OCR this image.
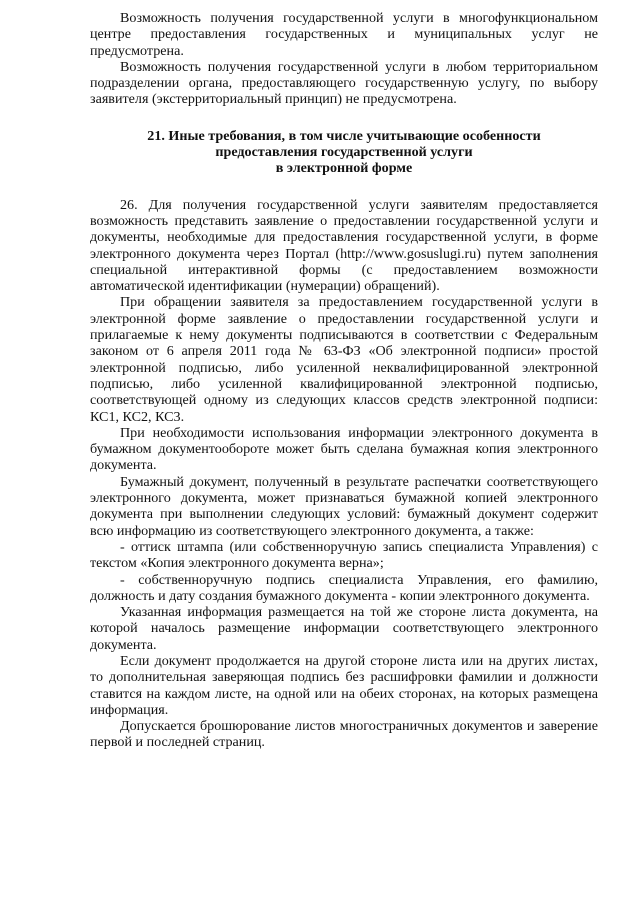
Возможность получения государственной услуги в многофункциональном центре предоставления государственных и муниципальных услуг не предусмотрена.

Возможность получения государственной услуги в любом территориальном подразделении органа, предоставляющего государственную услугу, по выбору заявителя (экстерриториальный принцип) не предусмотрена.

21. Иные требования, в том числе учитывающие особенности
предоставления государственной услуги
в электронной форме

26. Для получения государственной услуги заявителям предоставляется возможность представить заявление о предоставлении государственной услуги и документы, необходимые для предоставления государственной услуги, в форме электронного документа через Портал (http://www.gosuslugi.ru) путем заполнения специальной интерактивной формы (с предоставлением возможности автоматической идентификации (нумерации) обращений).

При обращении заявителя за предоставлением государственной услуги в электронной форме заявление о предоставлении государственной услуги и прилагаемые к нему документы подписываются в соответствии с Федеральным законом от 6 апреля 2011 года № 63-ФЗ «Об электронной подписи» простой электронной подписью, либо усиленной неквалифицированной электронной подписью, либо усиленной квалифицированной электронной подписью, соответствующей одному из следующих классов средств электронной подписи: КС1, КС2, КС3.

При необходимости использования информации электронного документа в бумажном документообороте может быть сделана бумажная копия электронного документа.

Бумажный документ, полученный в результате распечатки соответствующего электронного документа, может признаваться бумажной копией электронного документа при выполнении следующих условий: бумажный документ содержит всю информацию из соответствующего электронного документа, а также:

- оттиск штампа (или собственноручную запись специалиста Управления) с текстом «Копия электронного документа верна»;

- собственноручную подпись специалиста Управления, его фамилию, должность и дату создания бумажного документа - копии электронного документа.

Указанная информация размещается на той же стороне листа документа, на которой началось размещение информации соответствующего электронного документа.

Если документ продолжается на другой стороне листа или на других листах, то дополнительная заверяющая подпись без расшифровки фамилии и должности ставится на каждом листе, на одной или на обеих сторонах, на которых размещена информация.

Допускается брошюрование листов многостраничных документов и заверение первой и последней страниц.
